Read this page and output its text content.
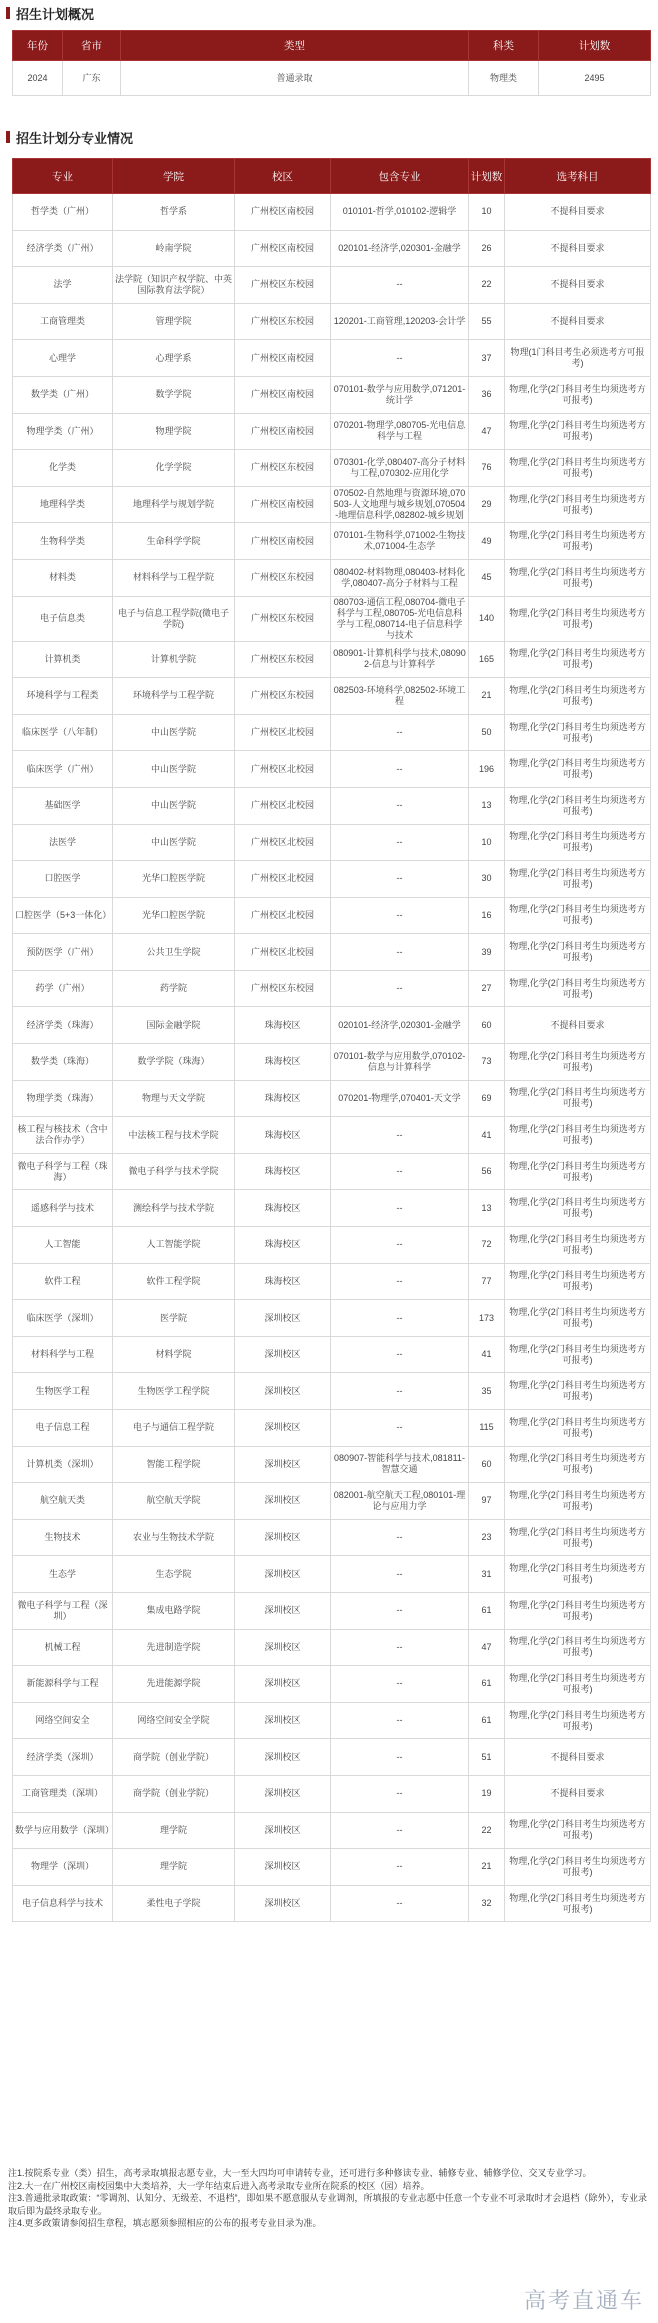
招生计划概况
年份	省市	类型	科类	计划数
2024	广东	普通录取	物理类	2495
招生计划分专业情况
专业	学院	校区	包含专业	计划数	选考科目
哲学类（广州）	哲学系	广州校区南校园	010101-哲学,010102-逻辑学	10	不提科目要求
经济学类（广州）	岭南学院	广州校区南校园	020101-经济学,020301-金融学	26	不提科目要求
法学	法学院（知识产权学院、中英国际教育法学院）	广州校区东校园	--	22	不提科目要求
工商管理类	管理学院	广州校区东校园	120201-工商管理,120203-会计学	55	不提科目要求
心理学	心理学系	广州校区南校园	--	37	物理(1门科目考生必须选考方可报考)
数学类（广州）	数学学院	广州校区南校园	070101-数学与应用数学,071201-统计学	36	物理,化学(2门科目考生均须选考方可报考)
物理学类（广州）	物理学院	广州校区南校园	070201-物理学,080705-光电信息科学与工程	47	物理,化学(2门科目考生均须选考方可报考)
化学类	化学学院	广州校区东校园	070301-化学,080407-高分子材料与工程,070302-应用化学	76	物理,化学(2门科目考生均须选考方可报考)
地理科学类	地理科学与规划学院	广州校区南校园	070502-自然地理与资源环境,070503-人文地理与城乡规划,070504-地理信息科学,082802-城乡规划	29	物理,化学(2门科目考生均须选考方可报考)
生物科学类	生命科学学院	广州校区南校园	070101-生物科学,071002-生物技术,071004-生态学	49	物理,化学(2门科目考生均须选考方可报考)
材料类	材料科学与工程学院	广州校区东校园	080402-材料物理,080403-材料化学,080407-高分子材料与工程	45	物理,化学(2门科目考生均须选考方可报考)
电子信息类	电子与信息工程学院(微电子学院)	广州校区东校园	080703-通信工程,080704-微电子科学与工程,080705-光电信息科学与工程,080714-电子信息科学与技术	140	物理,化学(2门科目考生均须选考方可报考)
计算机类	计算机学院	广州校区东校园	080901-计算机科学与技术,080902-信息与计算科学	165	物理,化学(2门科目考生均须选考方可报考)
环境科学与工程类	环境科学与工程学院	广州校区东校园	082503-环境科学,082502-环境工程	21	物理,化学(2门科目考生均须选考方可报考)
临床医学（八年制）	中山医学院	广州校区北校园	--	50	物理,化学(2门科目考生均须选考方可报考)
临床医学（广州）	中山医学院	广州校区北校园	--	196	物理,化学(2门科目考生均须选考方可报考)
基础医学	中山医学院	广州校区北校园	--	13	物理,化学(2门科目考生均须选考方可报考)
法医学	中山医学院	广州校区北校园	--	10	物理,化学(2门科目考生均须选考方可报考)
口腔医学	光华口腔医学院	广州校区北校园	--	30	物理,化学(2门科目考生均须选考方可报考)
口腔医学（5+3一体化）	光华口腔医学院	广州校区北校园	--	16	物理,化学(2门科目考生均须选考方可报考)
预防医学（广州）	公共卫生学院	广州校区北校园	--	39	物理,化学(2门科目考生均须选考方可报考)
药学（广州）	药学院	广州校区东校园	--	27	物理,化学(2门科目考生均须选考方可报考)
经济学类（珠海）	国际金融学院	珠海校区	020101-经济学,020301-金融学	60	不提科目要求
数学类（珠海）	数学学院（珠海）	珠海校区	070101-数学与应用数学,070102-信息与计算科学	73	物理,化学(2门科目考生均须选考方可报考)
物理学类（珠海）	物理与天文学院	珠海校区	070201-物理学,070401-天文学	69	物理,化学(2门科目考生均须选考方可报考)
核工程与核技术（含中法合作办学）	中法核工程与技术学院	珠海校区	--	41	物理,化学(2门科目考生均须选考方可报考)
微电子科学与工程（珠海）	微电子科学与技术学院	珠海校区	--	56	物理,化学(2门科目考生均须选考方可报考)
遥感科学与技术	测绘科学与技术学院	珠海校区	--	13	物理,化学(2门科目考生均须选考方可报考)
人工智能	人工智能学院	珠海校区	--	72	物理,化学(2门科目考生均须选考方可报考)
软件工程	软件工程学院	珠海校区	--	77	物理,化学(2门科目考生均须选考方可报考)
临床医学（深圳）	医学院	深圳校区	--	173	物理,化学(2门科目考生均须选考方可报考)
材料科学与工程	材料学院	深圳校区	--	41	物理,化学(2门科目考生均须选考方可报考)
生物医学工程	生物医学工程学院	深圳校区	--	35	物理,化学(2门科目考生均须选考方可报考)
电子信息工程	电子与通信工程学院	深圳校区	--	115	物理,化学(2门科目考生均须选考方可报考)
计算机类（深圳）	智能工程学院	深圳校区	080907-智能科学与技术,081811-智慧交通	60	物理,化学(2门科目考生均须选考方可报考)
航空航天类	航空航天学院	深圳校区	082001-航空航天工程,080101-理论与应用力学	97	物理,化学(2门科目考生均须选考方可报考)
生物技术	农业与生物技术学院	深圳校区	--	23	物理,化学(2门科目考生均须选考方可报考)
生态学	生态学院	深圳校区	--	31	物理,化学(2门科目考生均须选考方可报考)
微电子科学与工程（深圳）	集成电路学院	深圳校区	--	61	物理,化学(2门科目考生均须选考方可报考)
机械工程	先进制造学院	深圳校区	--	47	物理,化学(2门科目考生均须选考方可报考)
新能源科学与工程	先进能源学院	深圳校区	--	61	物理,化学(2门科目考生均须选考方可报考)
网络空间安全	网络空间安全学院	深圳校区	--	61	物理,化学(2门科目考生均须选考方可报考)
经济学类（深圳）	商学院（创业学院）	深圳校区	--	51	不提科目要求
工商管理类（深圳）	商学院（创业学院）	深圳校区	--	19	不提科目要求
数学与应用数学（深圳）	理学院	深圳校区	--	22	物理,化学(2门科目考生均须选考方可报考)
物理学（深圳）	理学院	深圳校区	--	21	物理,化学(2门科目考生均须选考方可报考)
电子信息科学与技术	柔性电子学院	深圳校区	--	32	物理,化学(2门科目考生均须选考方可报考)
注1.按院系专业（类）招生，高考录取填报志愿专业，大一至大四均可申请转专业，还可进行多种修读专业、辅修专业、辅修学位、交叉专业学习。
注2.大一在广州校区南校园集中大类培养，大一学年结束后进入高考录取专业所在院系的校区（园）培养。
注3.普通批录取政策：“零调剂、认知分、无级差、不退档”，即如果不愿意服从专业调剂，所填报的专业志愿中任意一个专业不可录取时才会退档（除外），专业录取后即为最终录取专业。
注4.更多政策请参阅招生章程，填志愿须参照相应的公布的报考专业目录为准。
高考直通车
